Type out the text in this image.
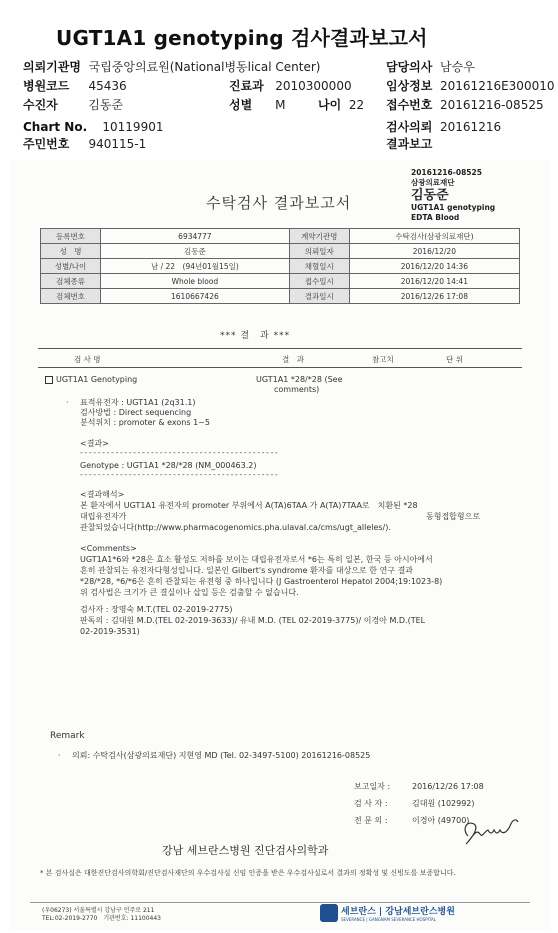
UGT1A1 genotyping 검사결과보고서
의뢰기관명 국립중앙의료원(National병동lical Center)	담당의사 남승우
병원코드 45436	진료과 2010300000	임상정보 20161216E300010
수진자	김동준	성별 M	나이 22 접수번호 20161216-08525
Chart No. 10119901	검사의뢰 20161216
주민번호 940115-1	결과보고
수탁검사 결과보고서
20161216-08525
삼광의료재단
김동준
UGT1A1 genotyping
EDTA Blood
등록번호	6934777	계약기관명	수탁검사(삼광의료재단)
성　명	김동준	의뢰일자	2016/12/20
성별/나이	남 / 22　(94년01월15일)	채혈일시	2016/12/20 14:36
검체종류	Whole blood	접수일시	2016/12/20 14:41
검체번호	1610667426	결과일시	2016/12/26 17:08
*** 결　과 ***
검 사 명	결　과	참고치	단 위
UGT1A1 Genotyping	UGT1A1 *28/*28 (See
comments)
· 표적유전자 : UGT1A1 (2q31.1)
검사방법 : Direct sequencing
분석위치 : promoter & exons 1~5
<결과>
- - - - - - - - - - - - - - - - - - - - - - - - - - - - - - - - - - - - - - - - - - - - -
Genotype : UGT1A1 *28/*28 (NM_000463.2)
- - - - - - - - - - - - - - - - - - - - - - - - - - - - - - - - - - - - - - - - - - - - -
<결과해석>
본 환자에서 UGT1A1 유전자의 promoter 부위에서 A(TA)6TAA 가 A(TA)7TAA로　치환된 *28
대립유전자가	동형접합형으로
관찰되었습니다(http://www.pharmacogenomics.pha.ulaval.ca/cms/ugt_alleles/).
<Comments>
UGT1A1*6와 *28은 효소 활성도 저하를 보이는 대립유전자로서 *6는 특히 일본, 한국 등 아시아에서
흔히 관찰되는 유전자다형성입니다. 일본인 Gilbert's syndrome 환자를 대상으로 한 연구 결과
*28/*28, *6/*6은 흔히 관찰되는 유전형 중 하나입니다 (J Gastroenterol Hepatol 2004;19:1023-8)
위 검사법은 크기가 큰 결실이나 삽입 등은 검출할 수 없습니다.
검사자 : 장명숙 M.T.(TEL 02-2019-2775)
판독의 : 김대원 M.D.(TEL 02-2019-3633)/ 유내 M.D. (TEL 02-2019-3775)/ 이경아 M.D.(TEL
02-2019-3531)
Remark
· 의뢰: 수탁검사(삼광의료재단) 지현영 MD (Tel. 02-3497-5100) 20161216-08525
보고일자 :	2016/12/26 17:08
검 사 자 :	김대원 (102992)
전 문 의 :	이경아 (49700)
강남 세브란스병원 진단검사의학과
* 본 검사실은 대한진단검사의학회/진단검사재단의 우수검사실 신임 인증을 받은 우수검사실로서 결과의 정확성 및 신빙도를 보증합니다.
(우06273) 서울특별시 강남구 언주로 211
TEL:02-2019-2770　기관번호: 11100443
세브란스 | 강남세브란스병원
SEVERANCE | GANGNAM SEVERANCE HOSPITAL
